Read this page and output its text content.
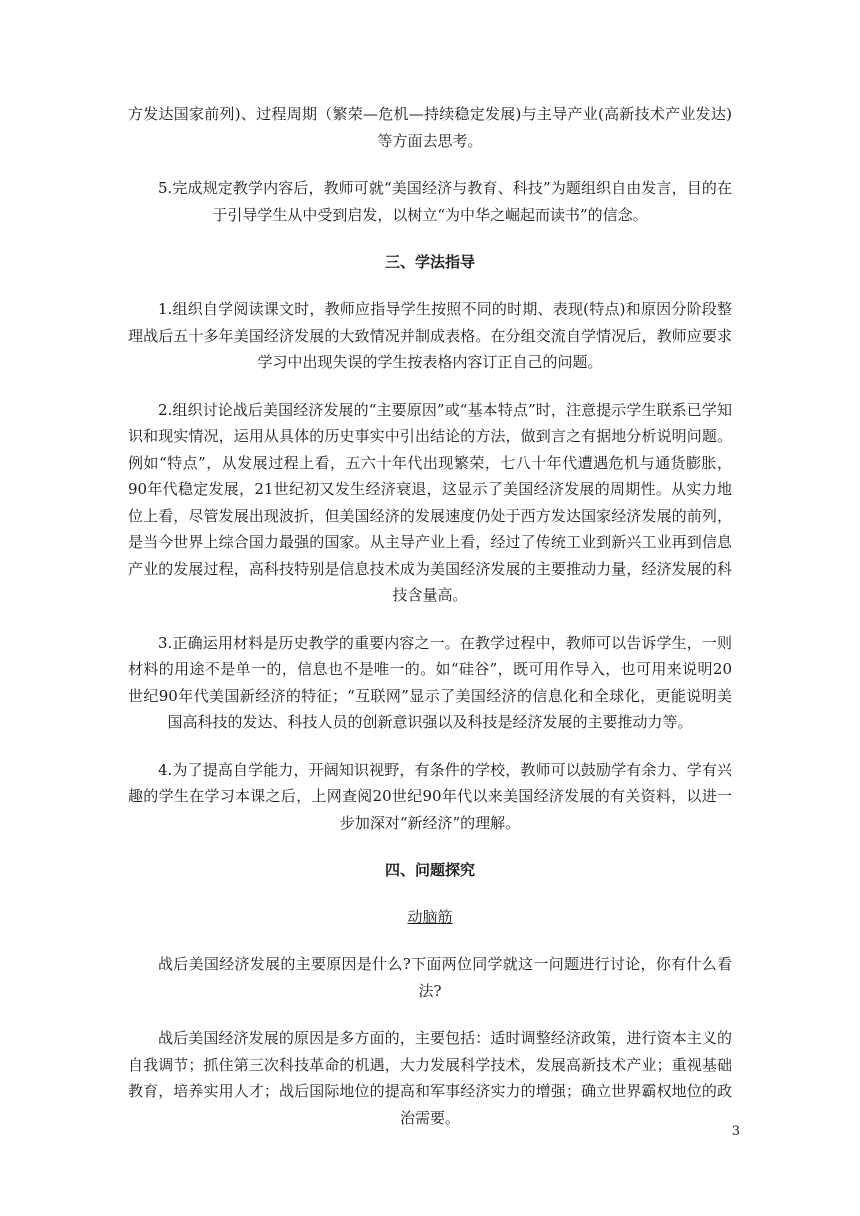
方发达国家前列)、过程周期（繁荣—危机—持续稳定发展)与主导产业(高新技术产业发达)等方面去思考。

5.完成规定教学内容后，教师可就“美国经济与教育、科技”为题组织自由发言，目的在于引导学生从中受到启发，以树立“为中华之崛起而读书”的信念。

三、学法指导

1.组织自学阅读课文时，教师应指导学生按照不同的时期、表现(特点)和原因分阶段整理战后五十多年美国经济发展的大致情况并制成表格。在分组交流自学情况后，教师应要求学习中出现失误的学生按表格内容订正自己的问题。

2.组织讨论战后美国经济发展的“主要原因”或“基本特点”时，注意提示学生联系已学知识和现实情况，运用从具体的历史事实中引出结论的方法，做到言之有据地分析说明问题。例如“特点”，从发展过程上看，五六十年代出现繁荣，七八十年代遭遇危机与通货膨胀，90年代稳定发展，21世纪初又发生经济衰退，这显示了美国经济发展的周期性。从实力地位上看，尽管发展出现波折，但美国经济的发展速度仍处于西方发达国家经济发展的前列，是当今世界上综合国力最强的国家。从主导产业上看，经过了传统工业到新兴工业再到信息产业的发展过程，高科技特别是信息技术成为美国经济发展的主要推动力量，经济发展的科技含量高。

3.正确运用材料是历史教学的重要内容之一。在教学过程中，教师可以告诉学生，一则材料的用途不是单一的，信息也不是唯一的。如“硅谷”，既可用作导入，也可用来说明20世纪90年代美国新经济的特征；“互联网”显示了美国经济的信息化和全球化，更能说明美国高科技的发达、科技人员的创新意识强以及科技是经济发展的主要推动力等。

4.为了提高自学能力，开阔知识视野，有条件的学校，教师可以鼓励学有余力、学有兴趣的学生在学习本课之后，上网查阅20世纪90年代以来美国经济发展的有关资料，以进一步加深对“新经济”的理解。

四、问题探究
动脑筋

战后美国经济发展的主要原因是什么?下面两位同学就这一问题进行讨论，你有什么看法?

战后美国经济发展的原因是多方面的，主要包括：适时调整经济政策，进行资本主义的自我调节；抓住第三次科技革命的机遇，大力发展科学技术，发展高新技术产业；重视基础教育，培养实用人才；战后国际地位的提高和军事经济实力的增强；确立世界霸权地位的政治需要。

3
